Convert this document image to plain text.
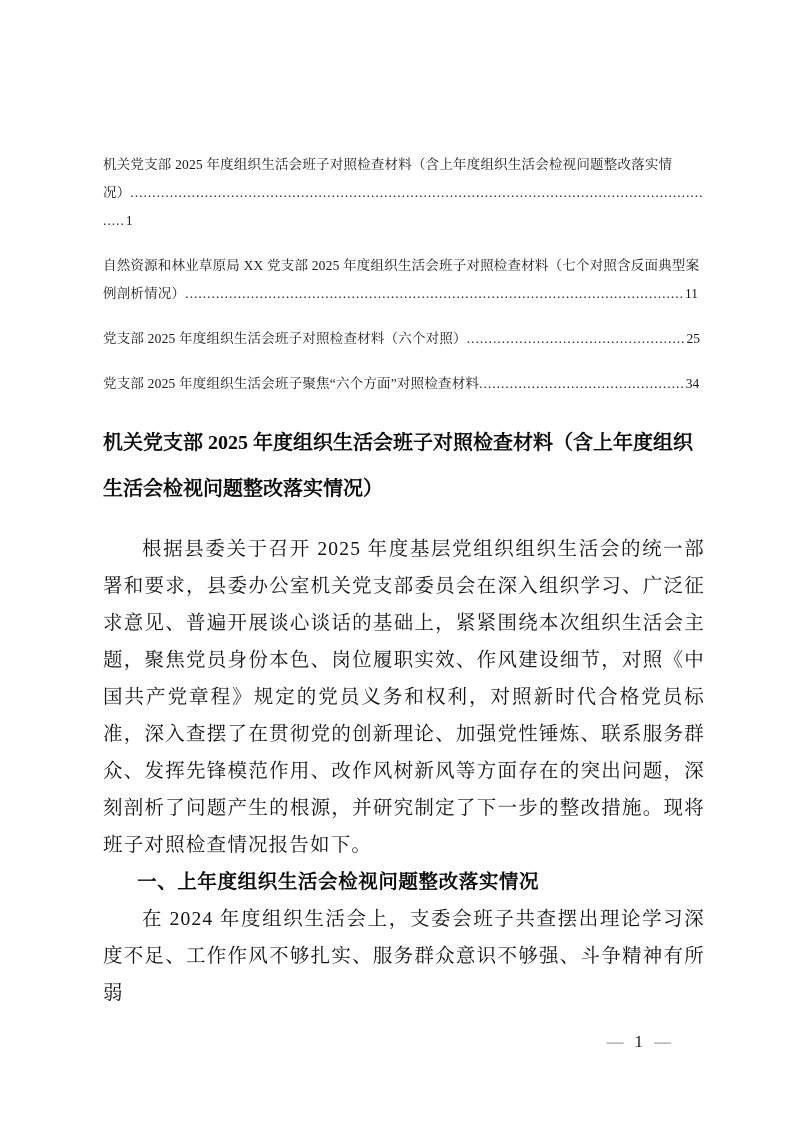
机关党支部 2025 年度组织生活会班子对照检查材料（含上年度组织生活会检视问题整改落实情况）........................................................................................................................................1
自然资源和林业草原局 XX 党支部 2025 年度组织生活会班子对照检查材料（七个对照含反面典型案例剖析情况）..................................................................................................................11
党支部 2025 年度组织生活会班子对照检查材料（六个对照）..................................................25
党支部 2025 年度组织生活会班子聚焦“六个方面”对照检查材料...............................................34
机关党支部 2025 年度组织生活会班子对照检查材料（含上年度组织生活会检视问题整改落实情况）

根据县委关于召开 2025 年度基层党组织组织生活会的统一部署和要求，县委办公室机关党支部委员会在深入组织学习、广泛征求意见、普遍开展谈心谈话的基础上，紧紧围绕本次组织生活会主题，聚焦党员身份本色、岗位履职实效、作风建设细节，对照《中国共产党章程》规定的党员义务和权利，对照新时代合格党员标准，深入查摆了在贯彻党的创新理论、加强党性锤炼、联系服务群众、发挥先锋模范作用、改作风树新风等方面存在的突出问题，深刻剖析了问题产生的根源，并研究制定了下一步的整改措施。现将班子对照检查情况报告如下。

一、上年度组织生活会检视问题整改落实情况

在 2024 年度组织生活会上，支委会班子共查摆出理论学习深度不足、工作作风不够扎实、服务群众意识不够强、斗争精神有所弱

— 1 —
